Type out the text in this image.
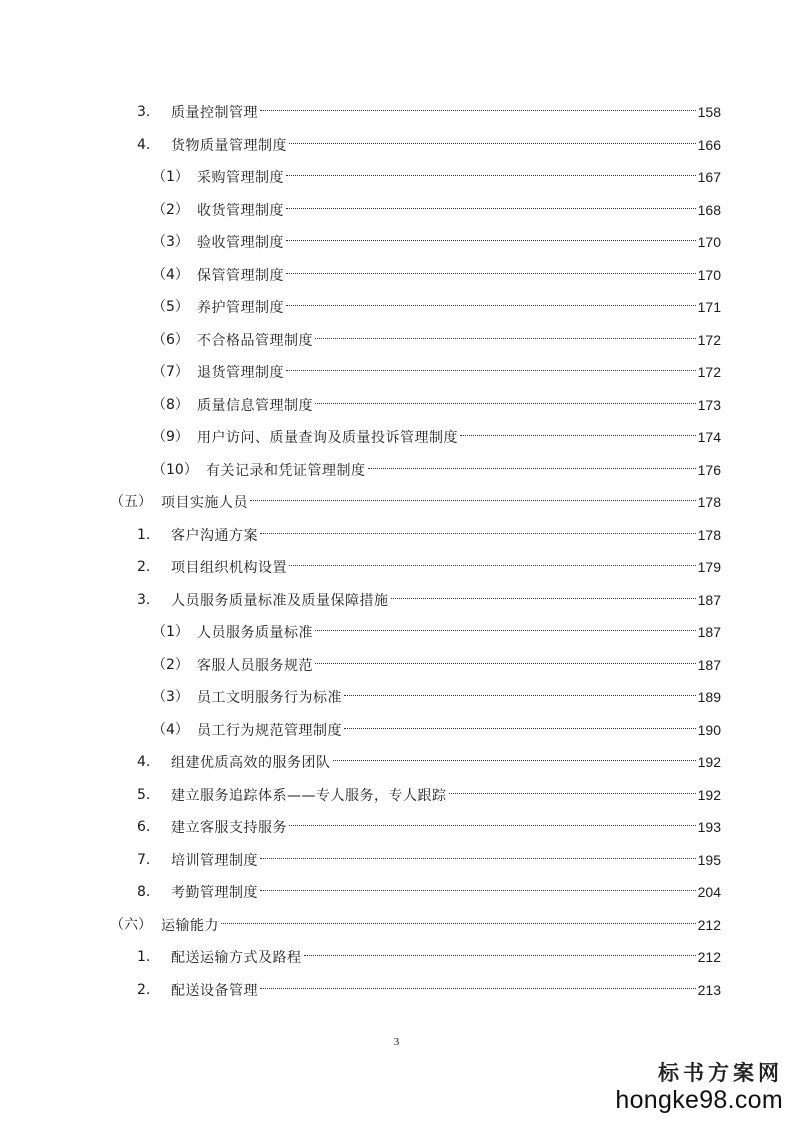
3. 质量控制管理	158
4. 货物质量管理制度	166
（1） 采购管理制度	167
（2） 收货管理制度	168
（3） 验收管理制度	170
（4） 保管管理制度	170
（5） 养护管理制度	171
（6） 不合格品管理制度	172
（7） 退货管理制度	172
（8） 质量信息管理制度	173
（9） 用户访问、质量查询及质量投诉管理制度	174
（10） 有关记录和凭证管理制度	176
（五） 项目实施人员	178
1. 客户沟通方案	178
2. 项目组织机构设置	179
3. 人员服务质量标准及质量保障措施	187
（1） 人员服务质量标准	187
（2） 客服人员服务规范	187
（3） 员工文明服务行为标准	189
（4） 员工行为规范管理制度	190
4. 组建优质高效的服务团队	192
5. 建立服务追踪体系——专人服务，专人跟踪	192
6. 建立客服支持服务	193
7. 培训管理制度	195
8. 考勤管理制度	204
（六） 运输能力	212
1. 配送运输方式及路程	212
2. 配送设备管理	213
3
标书方案网
hongke98.com
